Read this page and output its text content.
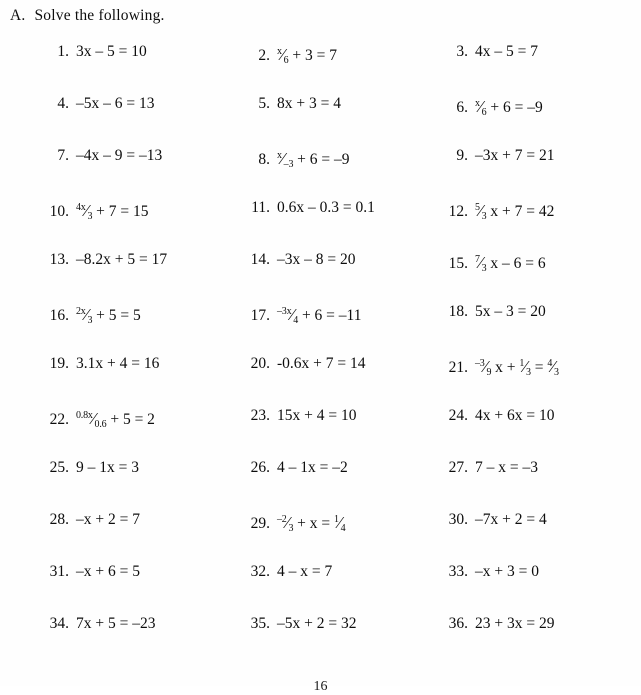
A. Solve the following.
1. 3x – 5 = 10	2. $^x$⁄6 + 3 = 7	3. 4x – 5 = 7
4. –5x – 6 = 13	5. 8x + 3 = 4	6. $^x$⁄6 + 6 = –9
7. –4x – 9 = –13	8. $^x$⁄–3 + 6 = –9	9. –3x + 7 = 21
10. $^{4x}$⁄3 + 7 = 15	11. 0.6x – 0.3 = 0.1	12. $^5$⁄3 x + 7 = 42
13. –8.2x + 5 = 17	14. –3x – 8 = 20	15. $^7$⁄3 x – 6 = 6
16. $^{2x}$⁄3 + 5 = 5	17. $^{-3x}$⁄4 + 6 = –11	18. 5x – 3 = 20
19. 3.1x + 4 = 16	20. -0.6x + 7 = 14	21. $^{-3}$⁄9 x + $^1$⁄3 = $^4$⁄3
22. $^{0.8x}$⁄0.6 + 5 = 2	23. 15x + 4 = 10	24. 4x + 6x = 10
25. 9 – 1x = 3	26. 4 – 1x = –2	27. 7 – x = –3
28. –x + 2 = 7	29. $^{-2}$⁄3 + x = $^1$⁄4	30. –7x + 2 = 4
31. –x + 6 = 5	32. 4 – x = 7	33. –x + 3 = 0
34. 7x + 5 = –23	35. –5x + 2 = 32	36. 23 + 3x = 29
16
